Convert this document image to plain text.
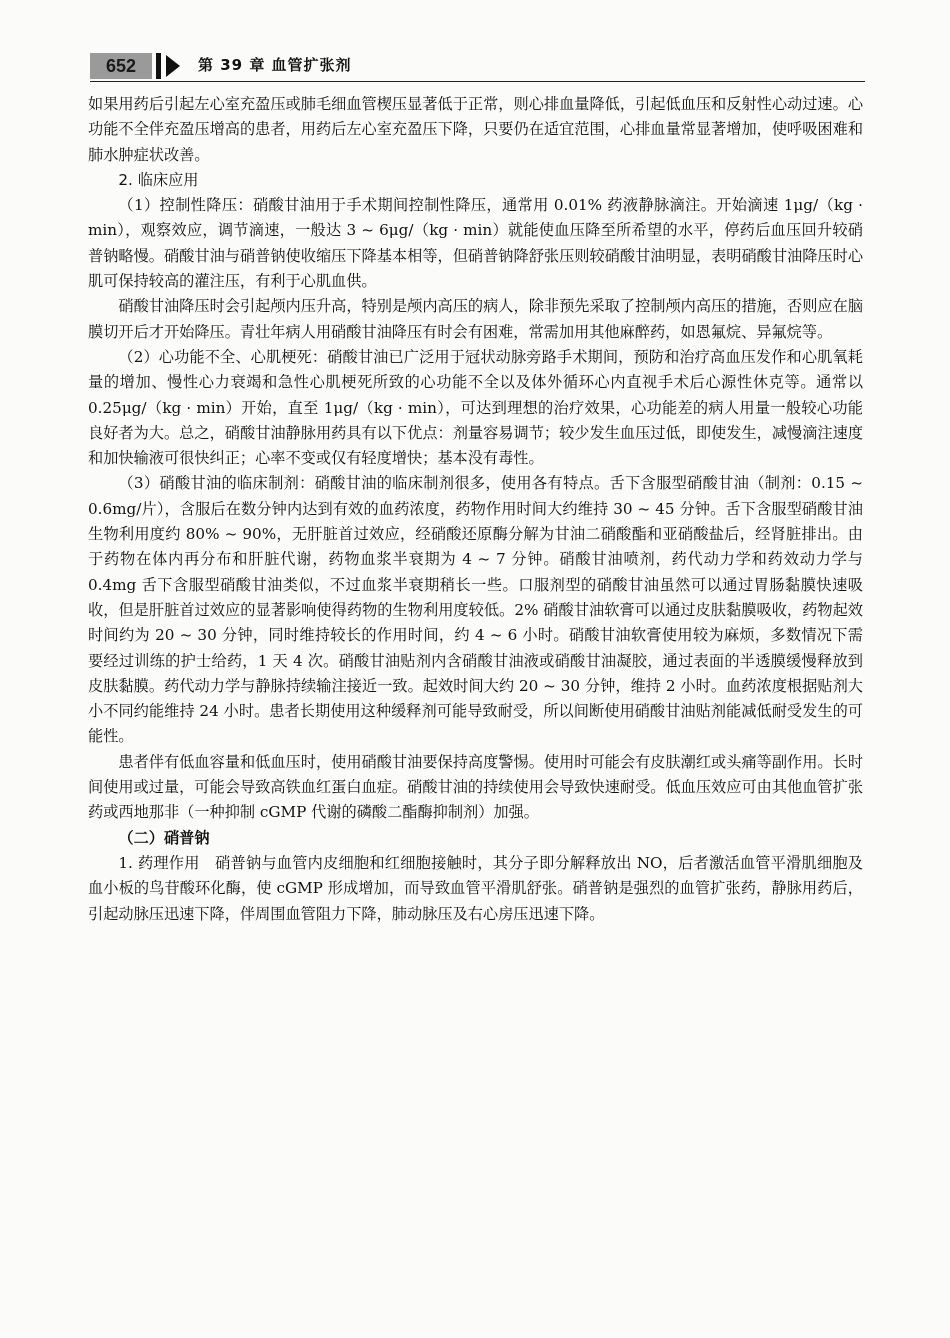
652	第 39 章 血管扩张剂

如果用药后引起左心室充盈压或肺毛细血管楔压显著低于正常，则心排血量降低，引起低血压和反射性心动过速。心功能不全伴充盈压增高的患者，用药后左心室充盈压下降，只要仍在适宜范围，心排血量常显著增加，使呼吸困难和肺水肿症状改善。

2. 临床应用

（1）控制性降压：硝酸甘油用于手术期间控制性降压，通常用 0.01% 药液静脉滴注。开始滴速 1μg/（kg · min），观察效应，调节滴速，一般达 3 ~ 6μg/（kg · min）就能使血压降至所希望的水平，停药后血压回升较硝普钠略慢。硝酸甘油与硝普钠使收缩压下降基本相等，但硝普钠降舒张压则较硝酸甘油明显，表明硝酸甘油降压时心肌可保持较高的灌注压，有利于心肌血供。

硝酸甘油降压时会引起颅内压升高，特别是颅内高压的病人，除非预先采取了控制颅内高压的措施，否则应在脑膜切开后才开始降压。青壮年病人用硝酸甘油降压有时会有困难，常需加用其他麻醉药，如恩氟烷、异氟烷等。

（2）心功能不全、心肌梗死：硝酸甘油已广泛用于冠状动脉旁路手术期间，预防和治疗高血压发作和心肌氧耗量的增加、慢性心力衰竭和急性心肌梗死所致的心功能不全以及体外循环心内直视手术后心源性休克等。通常以 0.25μg/（kg · min）开始，直至 1μg/（kg · min），可达到理想的治疗效果，心功能差的病人用量一般较心功能良好者为大。总之，硝酸甘油静脉用药具有以下优点：剂量容易调节；较少发生血压过低，即使发生，减慢滴注速度和加快输液可很快纠正；心率不变或仅有轻度增快；基本没有毒性。

（3）硝酸甘油的临床制剂：硝酸甘油的临床制剂很多，使用各有特点。舌下含服型硝酸甘油（制剂：0.15 ~ 0.6mg/片），含服后在数分钟内达到有效的血药浓度，药物作用时间大约维持 30 ~ 45 分钟。舌下含服型硝酸甘油生物利用度约 80% ~ 90%，无肝脏首过效应，经硝酸还原酶分解为甘油二硝酸酯和亚硝酸盐后，经肾脏排出。由于药物在体内再分布和肝脏代谢，药物血浆半衰期为 4 ~ 7 分钟。硝酸甘油喷剂，药代动力学和药效动力学与 0.4mg 舌下含服型硝酸甘油类似，不过血浆半衰期稍长一些。口服剂型的硝酸甘油虽然可以通过胃肠黏膜快速吸收，但是肝脏首过效应的显著影响使得药物的生物利用度较低。2% 硝酸甘油软膏可以通过皮肤黏膜吸收，药物起效时间约为 20 ~ 30 分钟，同时维持较长的作用时间，约 4 ~ 6 小时。硝酸甘油软膏使用较为麻烦，多数情况下需要经过训练的护士给药，1 天 4 次。硝酸甘油贴剂内含硝酸甘油液或硝酸甘油凝胶，通过表面的半透膜缓慢释放到皮肤黏膜。药代动力学与静脉持续输注接近一致。起效时间大约 20 ~ 30 分钟，维持 2 小时。血药浓度根据贴剂大小不同约能维持 24 小时。患者长期使用这种缓释剂可能导致耐受，所以间断使用硝酸甘油贴剂能减低耐受发生的可能性。

患者伴有低血容量和低血压时，使用硝酸甘油要保持高度警惕。使用时可能会有皮肤潮红或头痛等副作用。长时间使用或过量，可能会导致高铁血红蛋白血症。硝酸甘油的持续使用会导致快速耐受。低血压效应可由其他血管扩张药或西地那非（一种抑制 cGMP 代谢的磷酸二酯酶抑制剂）加强。

（二）硝普钠

1. 药理作用　硝普钠与血管内皮细胞和红细胞接触时，其分子即分解释放出 NO，后者激活血管平滑肌细胞及血小板的鸟苷酸环化酶，使 cGMP 形成增加，而导致血管平滑肌舒张。硝普钠是强烈的血管扩张药，静脉用药后，引起动脉压迅速下降，伴周围血管阻力下降，肺动脉压及右心房压迅速下降。
